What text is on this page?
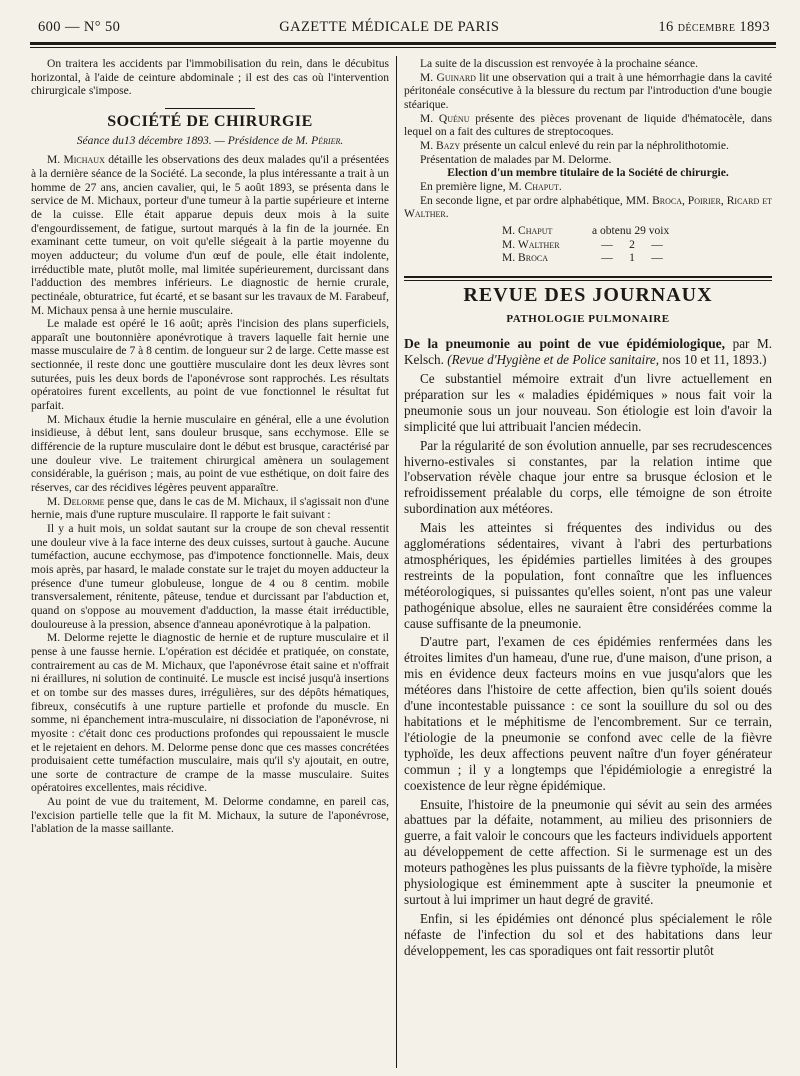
600 — N° 50	GAZETTE MÉDICALE DE PARIS	16 décembre 1893

On traitera les accidents par l'immobilisation du rein, dans le décubitus horizontal, à l'aide de ceinture abdominale ; il est des cas où l'intervention chirurgicale s'impose.

SOCIÉTÉ DE CHIRURGIE

Séance du13 décembre 1893. — Présidence de M. Périer.

M. Michaux détaille les observations des deux malades qu'il a présentées à la dernière séance de la Société. La seconde, la plus intéressante a trait à un homme de 27 ans, ancien cavalier, qui, le 5 août 1893, se présenta dans le service de M. Michaux, porteur d'une tumeur à la partie supérieure et interne de la cuisse. Elle était apparue depuis deux mois à la suite d'engourdissement, de fatigue, surtout marqués à la fin de la journée. En examinant cette tumeur, on voit qu'elle siégeait à la partie moyenne du moyen adducteur; du volume d'un œuf de poule, elle était indolente, irréductible mate, plutôt molle, mal limitée supérieurement, durcissant dans l'adduction des membres inférieurs. Le diagnostic de hernie crurale, pectinéale, obturatrice, fut écarté, et se basant sur les travaux de M. Farabeuf, M. Michaux pensa à une hernie musculaire.

Le malade est opéré le 16 août; après l'incision des plans superficiels, apparaît une boutonnière aponévrotique à travers laquelle fait hernie une masse musculaire de 7 à 8 centim. de longueur sur 2 de large. Cette masse est sectionnée, il reste donc une gouttière musculaire dont les deux lèvres sont suturées, puis les deux bords de l'aponévrose sont rapprochés. Les résultats opératoires furent excellents, au point de vue fonctionnel le résultat fut parfait.

M. Michaux étudie la hernie musculaire en général, elle a une évolution insidieuse, à début lent, sans douleur brusque, sans ecchymose. Elle se différencie de la rupture musculaire dont le début est brusque, caractérisé par une douleur vive. Le traitement chirurgical amènera un soulagement considérable, la guérison ; mais, au point de vue esthétique, on doit faire des réserves, car des récidives légères peuvent apparaître.

M. Delorme pense que, dans le cas de M. Michaux, il s'agissait non d'une hernie, mais d'une rupture musculaire. Il rapporte le fait suivant :

Il y a huit mois, un soldat sautant sur la croupe de son cheval ressentit une douleur vive à la face interne des deux cuisses, surtout à gauche. Aucune tuméfaction, aucune ecchymose, pas d'impotence fonctionnelle. Mais, deux mois après, par hasard, le malade constate sur le trajet du moyen adducteur la présence d'une tumeur globuleuse, longue de 4 ou 8 centim. mobile transversalement, rénitente, pâteuse, tendue et durcissant par l'abduction et, quand on s'oppose au mouvement d'adduction, la masse était irréductible, douloureuse à la pression, absence d'anneau aponévrotique à la palpation.

M. Delorme rejette le diagnostic de hernie et de rupture musculaire et il pense à une fausse hernie. L'opération est décidée et pratiquée, on constate, contrairement au cas de M. Michaux, que l'aponévrose était saine et n'offrait ni éraillures, ni solution de continuité. Le muscle est incisé jusqu'à insertions et on tombe sur des masses dures, irrégulières, sur des dépôts hématiques, fibreux, consécutifs à une rupture partielle et profonde du muscle. En somme, ni épanchement intra-musculaire, ni dissociation de l'aponévrose, ni myosite : c'était donc ces productions profondes qui repoussaient le muscle et le rejetaient en dehors. M. Delorme pense donc que ces masses concrétées produisaient cette tuméfaction musculaire, mais qu'il s'y ajoutait, en outre, une sorte de contracture de crampe de la masse musculaire. Suites opératoires excellentes, mais récidive.

Au point de vue du traitement, M. Delorme condamne, en pareil cas, l'excision partielle telle que la fit M. Michaux, la suture de l'aponévrose, l'ablation de la masse saillante.

La suite de la discussion est renvoyée à la prochaine séance.

M. Guinard lit une observation qui a trait à une hémorrhagie dans la cavité péritonéale consécutive à la blessure du rectum par l'introduction d'une bougie stéarique.

M. Quénu présente des pièces provenant de liquide d'hématocèle, dans lequel on a fait des cultures de streptocoques.

M. Bazy présente un calcul enlevé du rein par la néphrolithotomie.

Présentation de malades par M. Delorme.

Election d'un membre titulaire de la Société de chirurgie.

En première ligne, M. Chaput.

En seconde ligne, et par ordre alphabétique, MM. Broca, Poirier, Ricard et Walther.

M. Chaput	a obtenu 29 voix
M. Walther	—	2	—
M. Broca	—	1	—
REVUE DES JOURNAUX
PATHOLOGIE PULMONAIRE

De la pneumonie au point de vue épidémiologique, par M. Kelsch. (Revue d'Hygiène et de Police sanitaire, nos 10 et 11, 1893.)

Ce substantiel mémoire extrait d'un livre actuellement en préparation sur les « maladies épidémiques » nous fait voir la pneumonie sous un jour nouveau. Son étiologie est loin d'avoir la simplicité que lui attribuait l'ancien médecin.

Par la régularité de son évolution annuelle, par ses recrudescences hiverno-estivales si constantes, par la relation intime que l'observation révèle chaque jour entre sa brusque éclosion et le refroidissement préalable du corps, elle témoigne de son étroite subordination aux météores.

Mais les atteintes si fréquentes des individus ou des agglomérations sédentaires, vivant à l'abri des perturbations atmosphériques, les épidémies partielles limitées à des groupes restreints de la population, font connaître que les influences météorologiques, si puissantes qu'elles soient, n'ont pas une valeur pathogénique absolue, elles ne sauraient être considérées comme la cause suffisante de la pneumonie.

D'autre part, l'examen de ces épidémies renfermées dans les étroites limites d'un hameau, d'une rue, d'une maison, d'une prison, a mis en évidence deux facteurs moins en vue jusqu'alors que les météores dans l'histoire de cette affection, bien qu'ils soient doués d'une incontestable puissance : ce sont la souillure du sol ou des habitations et le méphitisme de l'encombrement. Sur ce terrain, l'étiologie de la pneumonie se confond avec celle de la fièvre typhoïde, les deux affections peuvent naître d'un foyer générateur commun ; il y a longtemps que l'épidémiologie a enregistré la coexistence de leur règne épidémique.

Ensuite, l'histoire de la pneumonie qui sévit au sein des armées abattues par la défaite, notamment, au milieu des prisonniers de guerre, a fait valoir le concours que les facteurs individuels apportent au développement de cette affection. Si le surmenage est un des moteurs pathogènes les plus puissants de la fièvre typhoïde, la misère physiologique est éminemment apte à susciter la pneumonie et surtout à lui imprimer un haut degré de gravité.

Enfin, si les épidémies ont dénoncé plus spécialement le rôle néfaste de l'infection du sol et des habitations dans leur développement, les cas sporadiques ont fait ressortir plutôt
